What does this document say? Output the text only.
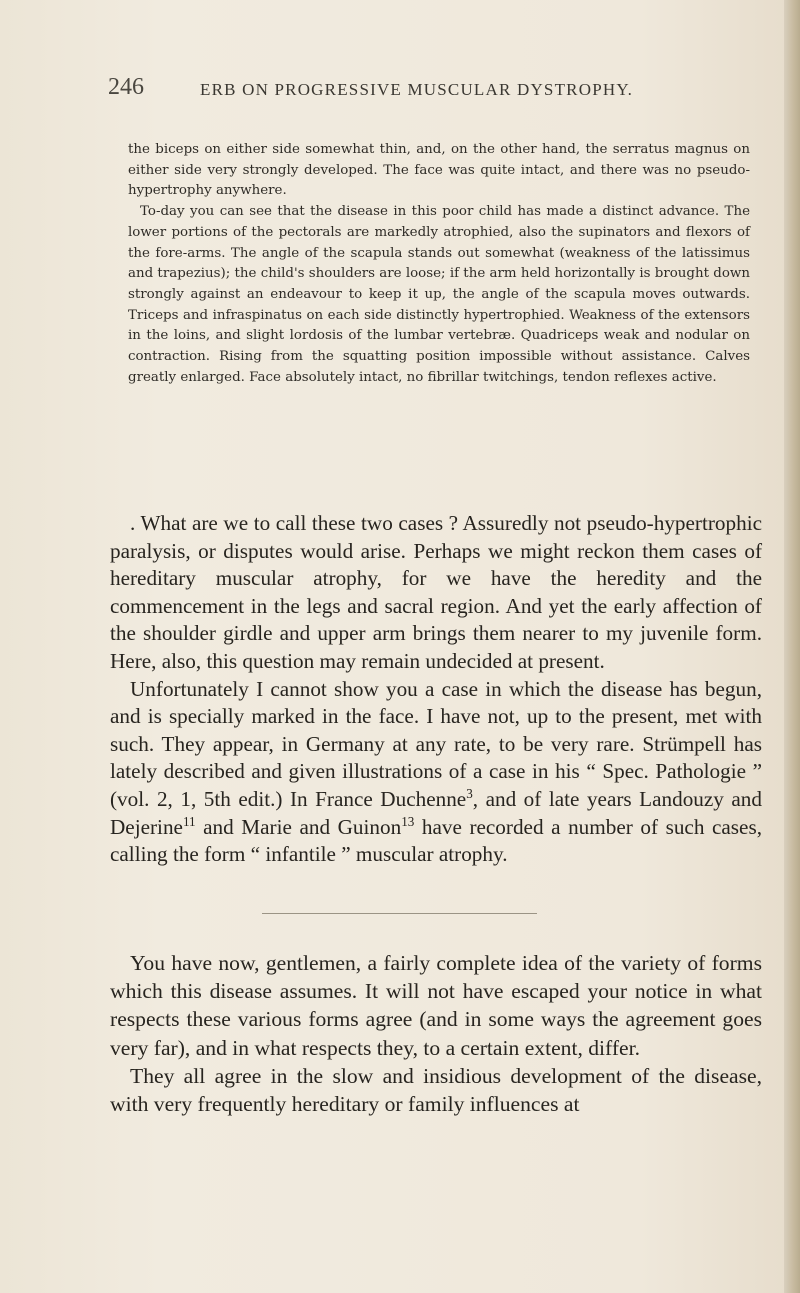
246	ERB ON PROGRESSIVE MUSCULAR DYSTROPHY.

the biceps on either side somewhat thin, and, on the other hand, the serratus magnus on either side very strongly developed. The face was quite intact, and there was no pseudo-hypertrophy anywhere.

To-day you can see that the disease in this poor child has made a distinct advance. The lower portions of the pectorals are markedly atrophied, also the supinators and flexors of the fore-arms. The angle of the scapula stands out somewhat (weakness of the latissimus and trapezius); the child's shoulders are loose; if the arm held horizontally is brought down strongly against an endeavour to keep it up, the angle of the scapula moves outwards. Triceps and infraspinatus on each side distinctly hypertrophied. Weakness of the extensors in the loins, and slight lordosis of the lumbar vertebræ. Quadriceps weak and nodular on contraction. Rising from the squatting position impossible without assistance. Calves greatly enlarged. Face absolutely intact, no fibrillar twitchings, tendon reflexes active.

. What are we to call these two cases ? Assuredly not pseudo-hypertrophic paralysis, or disputes would arise. Perhaps we might reckon them cases of hereditary muscular atrophy, for we have the heredity and the commencement in the legs and sacral region. And yet the early affection of the shoulder girdle and upper arm brings them nearer to my juvenile form. Here, also, this question may remain undecided at present.

Unfortunately I cannot show you a case in which the disease has begun, and is specially marked in the face. I have not, up to the present, met with such. They appear, in Germany at any rate, to be very rare. Strümpell has lately described and given illustrations of a case in his “ Spec. Pathologie ” (vol. 2, 1, 5th edit.) In France Duchenne$^3$, and of late years Landouzy and Dejerine$^{11}$ and Marie and Guinon$^{13}$ have recorded a number of such cases, calling the form “ infantile ” muscular atrophy.

You have now, gentlemen, a fairly complete idea of the variety of forms which this disease assumes. It will not have escaped your notice in what respects these various forms agree (and in some ways the agreement goes very far), and in what respects they, to a certain extent, differ.

They all agree in the slow and insidious development of the disease, with very frequently hereditary or family influences at
